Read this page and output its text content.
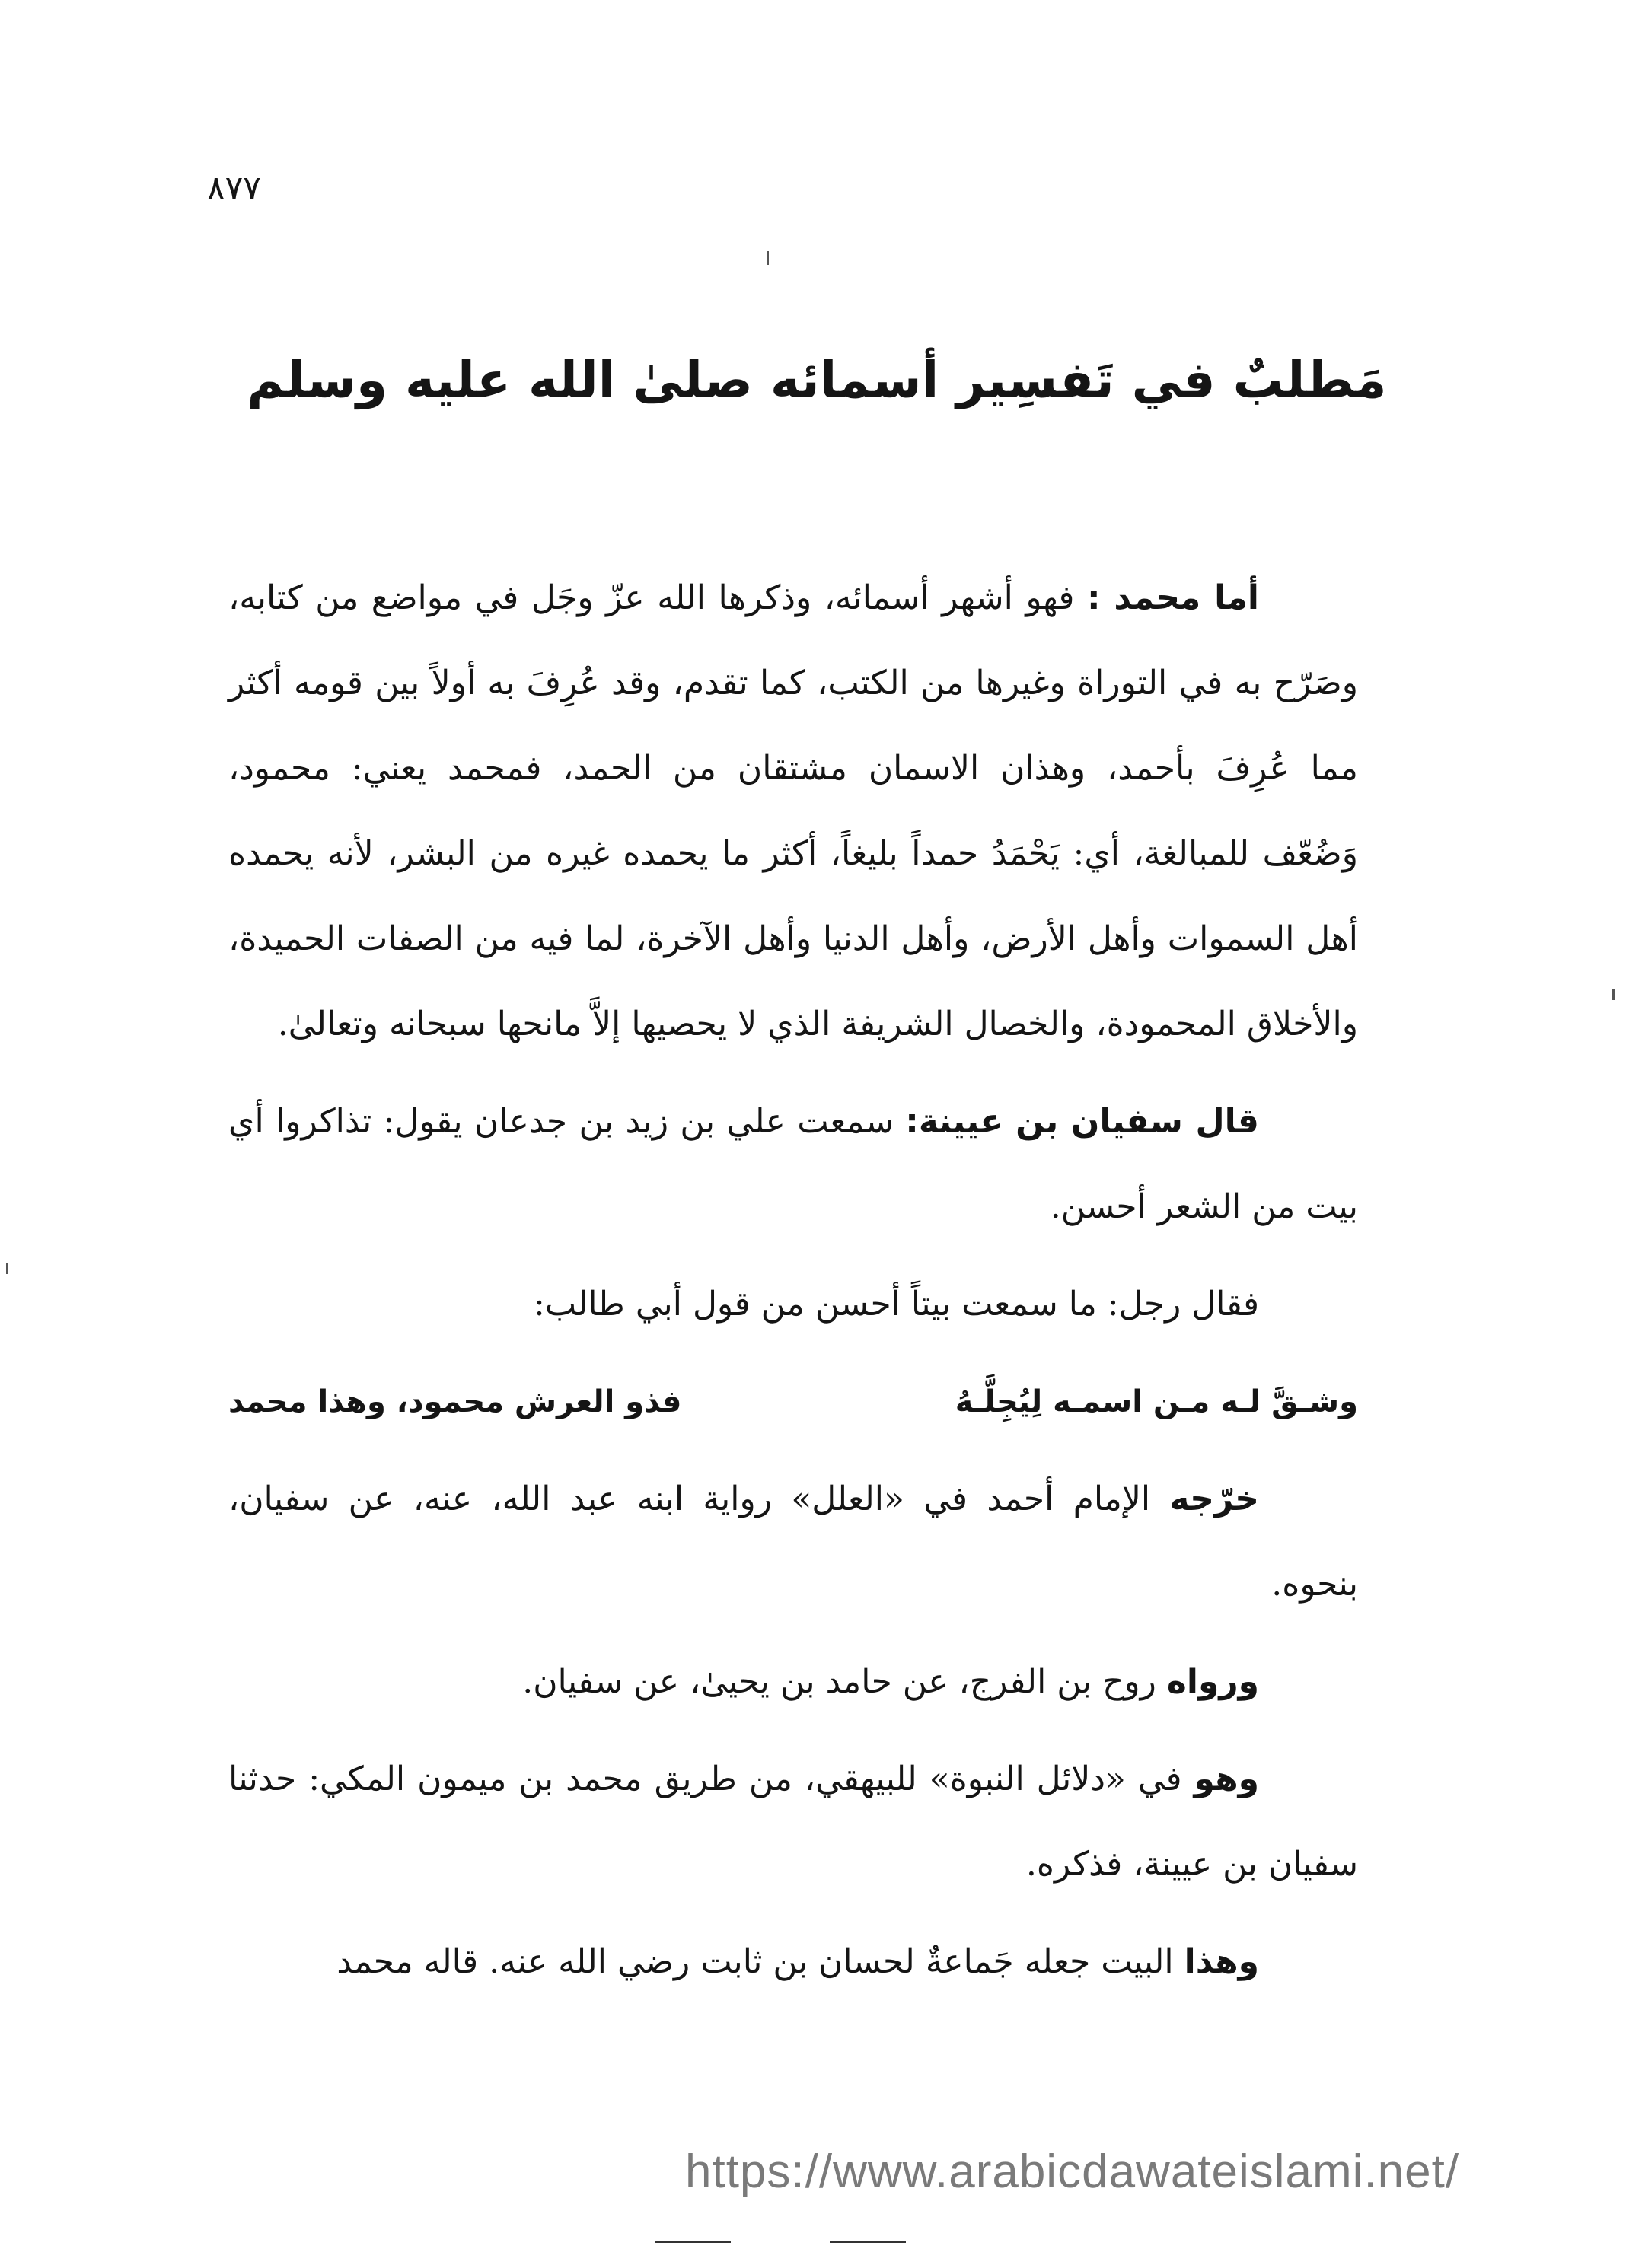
٨٧٧
مَطلبٌ في تَفسِير أسمائه صلىٰ الله عليه وسلم

أما محمد : فهو أشهر أسمائه، وذكرها الله عزّ وجَل في مواضع من كتابه، وصَرّح به في التوراة وغيرها من الكتب، كما تقدم، وقد عُرِفَ به أولاً بين قومه أكثر مما عُرِفَ بأحمد، وهذان الاسمان مشتقان من الحمد، فمحمد يعني: محمود، وَضُعّف للمبالغة، أي: يَحْمَدُ حمداً بليغاً، أكثر ما يحمده غيره من البشر، لأنه يحمده أهل السموات وأهل الأرض، وأهل الدنيا وأهل الآخرة، لما فيه من الصفات الحميدة، والأخلاق المحمودة، والخصال الشريفة الذي لا يحصيها إلاَّ مانحها سبحانه وتعالىٰ.

قال سفيان بن عيينة: سمعت علي بن زيد بن جدعان يقول: تذاكروا أي بيت من الشعر أحسن.

فقال رجل: ما سمعت بيتاً أحسن من قول أبي طالب:

وشـقَّ لـه مـن اسمـه لِيُجِلَّـهُ
فذو العرش محمود، وهذا محمد

خرّجه الإمام أحمد في «العلل» رواية ابنه عبد الله، عنه، عن سفيان، بنحوه.

ورواه روح بن الفرج، عن حامد بن يحيىٰ، عن سفيان.

وهو في «دلائل النبوة» للبيهقي، من طريق محمد بن ميمون المكي: حدثنا سفيان بن عيينة، فذكره.

وهذا البيت جعله جَماعةٌ لحسان بن ثابت رضي الله عنه. قاله محمد

https://www.arabicdawateislami.net/
